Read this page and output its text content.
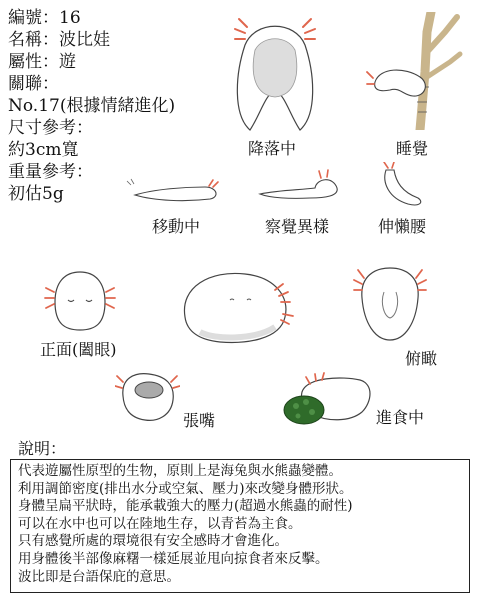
編號：16
名稱：波比娃
屬性：遊
關聯：
No.17(根據情緒進化)
尺寸參考：
約3cm寬
重量參考：
初估5g
降落中	睡覺
移動中	察覺異樣	伸懶腰
正面(闔眼)	俯瞰
張嘴	進食中
說明：
代表遊屬性原型的生物，原則上是海兔與水熊蟲變體。
利用調節密度(排出水分或空氣、壓力)來改變身體形狀。
身體呈扁平狀時，能承載強大的壓力(超過水熊蟲的耐性)
可以在水中也可以在陸地生存，以青苔為主食。
只有感覺所處的環境很有安全感時才會進化。
用身體後半部像麻糬一樣延展並甩向掠食者來反擊。
波比即是台語保庇的意思。
